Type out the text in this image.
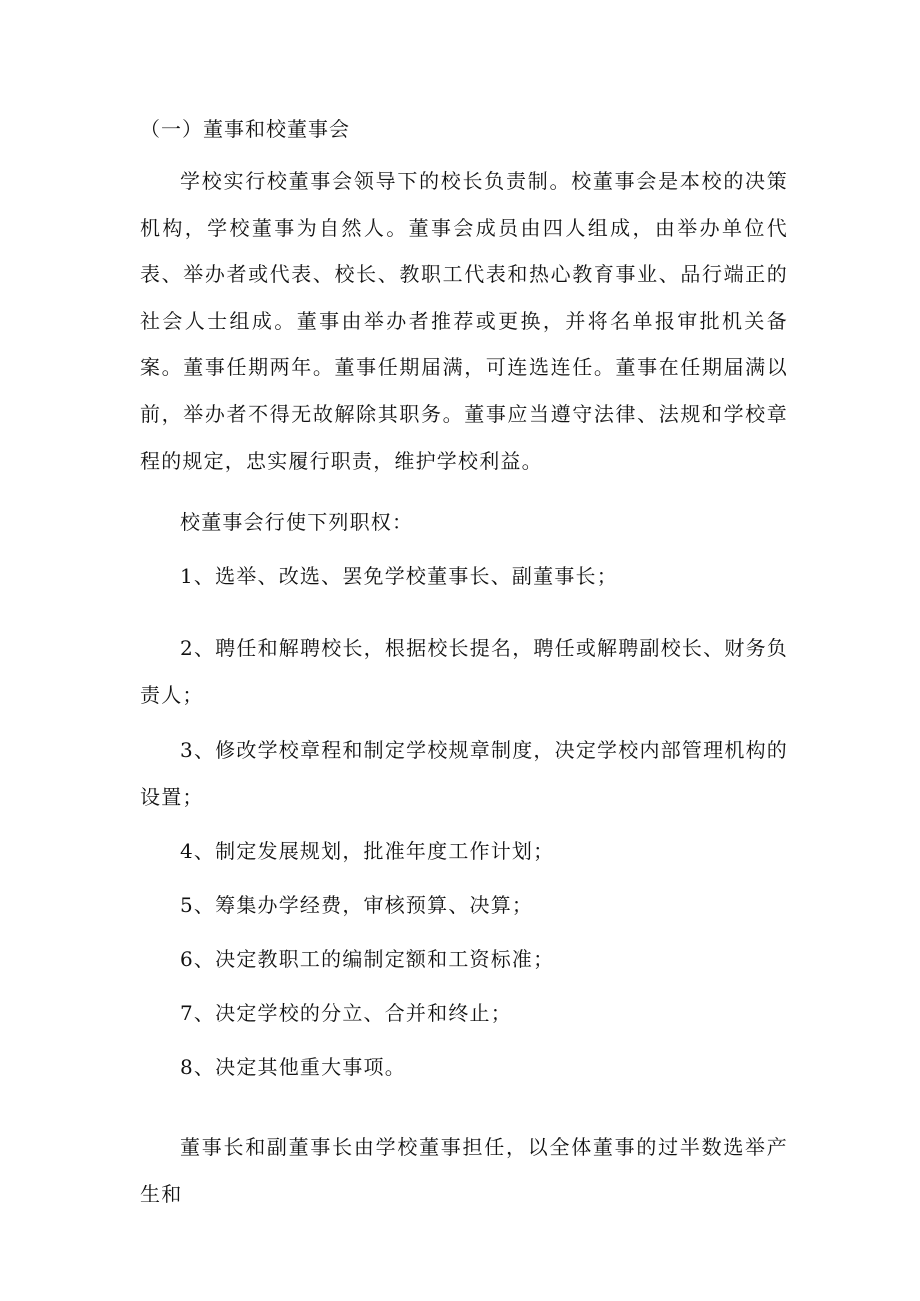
（一）董事和校董事会

学校实行校董事会领导下的校长负责制。校董事会是本校的决策机构，学校董事为自然人。董事会成员由四人组成，由举办单位代表、举办者或代表、校长、教职工代表和热心教育事业、品行端正的社会人士组成。董事由举办者推荐或更换，并将名单报审批机关备案。董事任期两年。董事任期届满，可连选连任。董事在任期届满以前，举办者不得无故解除其职务。董事应当遵守法律、法规和学校章程的规定，忠实履行职责，维护学校利益。

校董事会行使下列职权：

1、选举、改选、罢免学校董事长、副董事长；

2、聘任和解聘校长，根据校长提名，聘任或解聘副校长、财务负责人；

3、修改学校章程和制定学校规章制度，决定学校内部管理机构的设置；

4、制定发展规划，批准年度工作计划；

5、筹集办学经费，审核预算、决算；

6、决定教职工的编制定额和工资标准；

7、决定学校的分立、合并和终止；

8、决定其他重大事项。

董事长和副董事长由学校董事担任，以全体董事的过半数选举产生和
